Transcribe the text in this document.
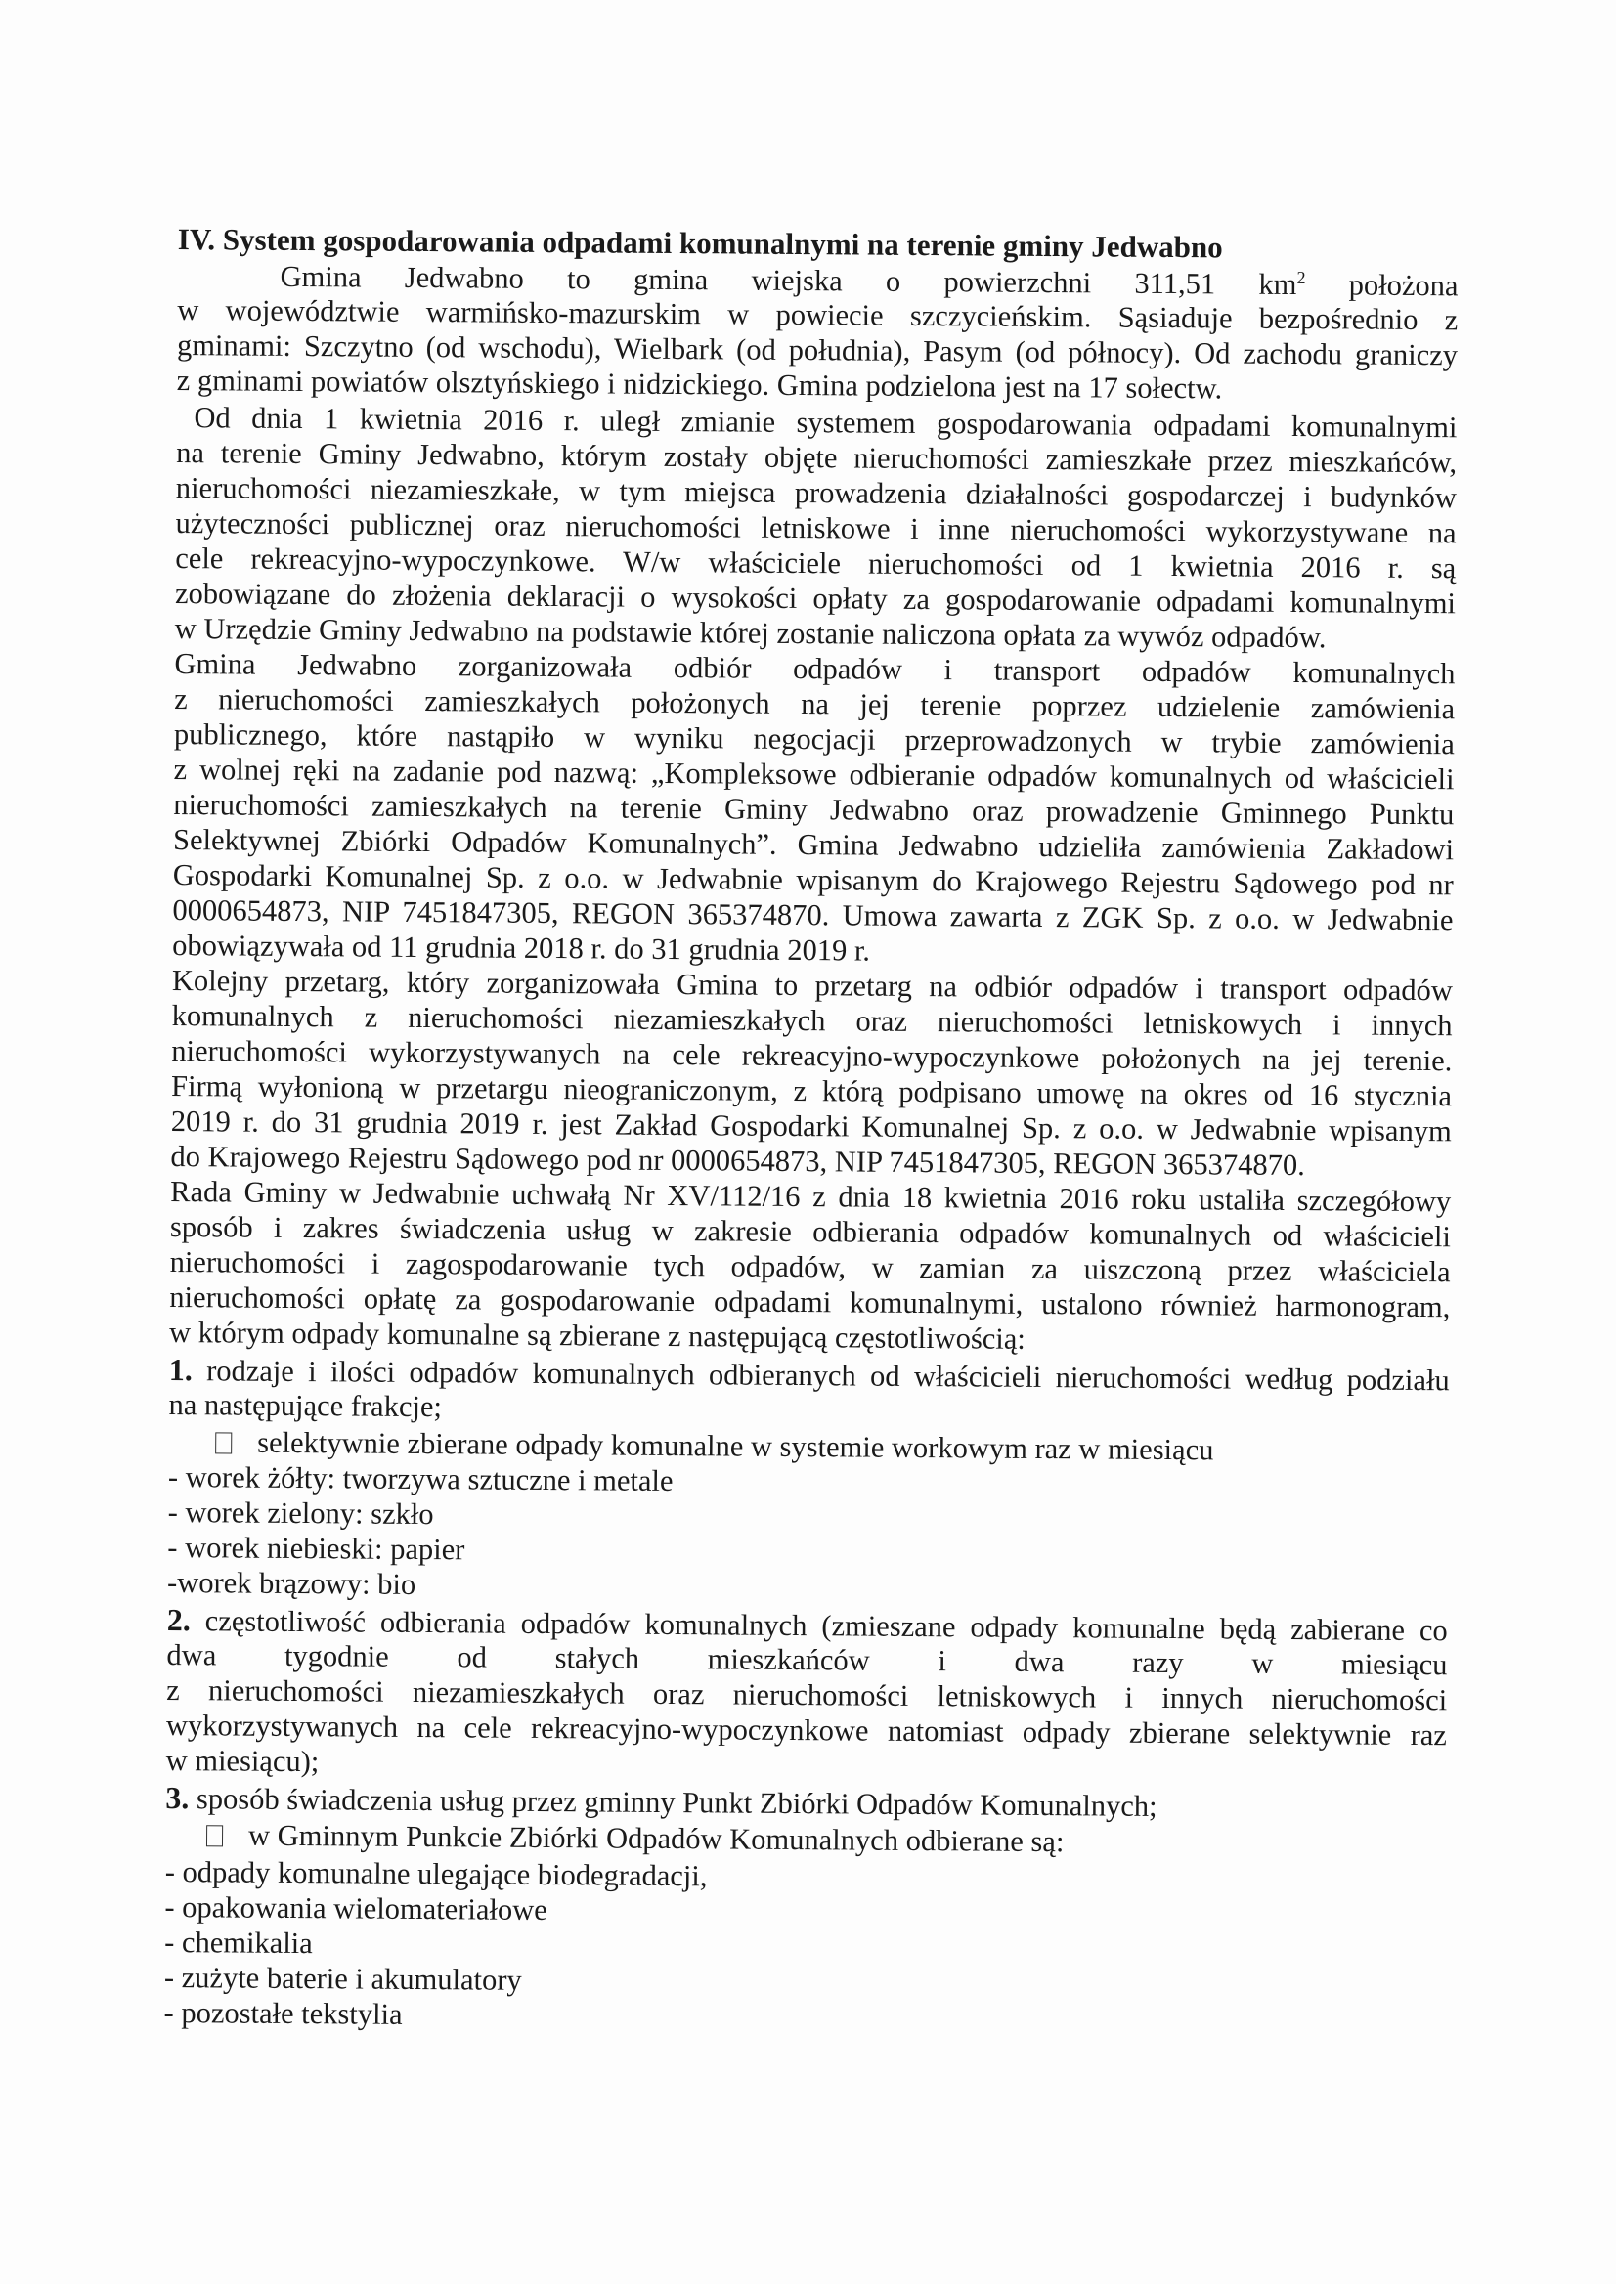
IV. System gospodarowania odpadami komunalnymi na terenie gminy Jedwabno
Gmina Jedwabno to gmina wiejska o powierzchni 311,51 $km^2$ położona
w województwie warmińsko-mazurskim w powiecie szczycieńskim. Sąsiaduje bezpośrednio z
gminami: Szczytno (od wschodu), Wielbark (od południa), Pasym (od północy). Od zachodu graniczy
z gminami powiatów olsztyńskiego i nidzickiego. Gmina podzielona jest na 17 sołectw.
Od dnia 1 kwietnia 2016 r. uległ zmianie systemem gospodarowania odpadami komunalnymi
na terenie Gminy Jedwabno, którym zostały objęte nieruchomości zamieszkałe przez mieszkańców,
nieruchomości niezamieszkałe, w tym miejsca prowadzenia działalności gospodarczej i budynków
użyteczności publicznej oraz nieruchomości letniskowe i inne nieruchomości wykorzystywane na
cele rekreacyjno-wypoczynkowe. W/w właściciele nieruchomości od 1 kwietnia 2016 r. są
zobowiązane do złożenia deklaracji o wysokości opłaty za gospodarowanie odpadami komunalnymi
w Urzędzie Gminy Jedwabno na podstawie której zostanie naliczona opłata za wywóz odpadów.
Gmina Jedwabno zorganizowała odbiór odpadów i transport odpadów komunalnych
z nieruchomości zamieszkałych położonych na jej terenie poprzez udzielenie zamówienia
publicznego, które nastąpiło w wyniku negocjacji przeprowadzonych w trybie zamówienia
z wolnej ręki na zadanie pod nazwą: „Kompleksowe odbieranie odpadów komunalnych od właścicieli
nieruchomości zamieszkałych na terenie Gminy Jedwabno oraz prowadzenie Gminnego Punktu
Selektywnej Zbiórki Odpadów Komunalnych”. Gmina Jedwabno udzieliła zamówienia Zakładowi
Gospodarki Komunalnej Sp. z o.o. w Jedwabnie wpisanym do Krajowego Rejestru Sądowego pod nr
0000654873, NIP 7451847305, REGON 365374870. Umowa zawarta z ZGK Sp. z o.o. w Jedwabnie
obowiązywała od 11 grudnia 2018 r. do 31 grudnia 2019 r.
Kolejny przetarg, który zorganizowała Gmina to przetarg na odbiór odpadów i transport odpadów
komunalnych z nieruchomości niezamieszkałych oraz nieruchomości letniskowych i innych
nieruchomości wykorzystywanych na cele rekreacyjno-wypoczynkowe położonych na jej terenie.
Firmą wyłonioną w przetargu nieograniczonym, z którą podpisano umowę na okres od 16 stycznia
2019 r. do 31 grudnia 2019 r. jest Zakład Gospodarki Komunalnej Sp. z o.o. w Jedwabnie wpisanym
do Krajowego Rejestru Sądowego pod nr 0000654873, NIP 7451847305, REGON 365374870.
Rada Gminy w Jedwabnie uchwałą Nr XV/112/16 z dnia 18 kwietnia 2016 roku ustaliła szczegółowy
sposób i zakres świadczenia usług w zakresie odbierania odpadów komunalnych od właścicieli
nieruchomości i zagospodarowanie tych odpadów, w zamian za uiszczoną przez właściciela
nieruchomości opłatę za gospodarowanie odpadami komunalnymi, ustalono również harmonogram,
w którym odpady komunalne są zbierane z następującą częstotliwością:
1. rodzaje i ilości odpadów komunalnych odbieranych od właścicieli nieruchomości według podziału
na następujące frakcje;
selektywnie zbierane odpady komunalne w systemie workowym raz w miesiącu
- worek żółty: tworzywa sztuczne i metale
- worek zielony: szkło
- worek niebieski: papier
-worek brązowy: bio
2. częstotliwość odbierania odpadów komunalnych (zmieszane odpady komunalne będą zabierane co
dwa tygodnie od stałych mieszkańców i dwa razy w miesiącu
z nieruchomości niezamieszkałych oraz nieruchomości letniskowych i innych nieruchomości
wykorzystywanych na cele rekreacyjno-wypoczynkowe natomiast odpady zbierane selektywnie raz
w miesiącu);
3. sposób świadczenia usług przez gminny Punkt Zbiórki Odpadów Komunalnych;
w Gminnym Punkcie Zbiórki Odpadów Komunalnych odbierane są:
- odpady komunalne ulegające biodegradacji,
- opakowania wielomateriałowe
- chemikalia
- zużyte baterie i akumulatory
- pozostałe tekstylia
